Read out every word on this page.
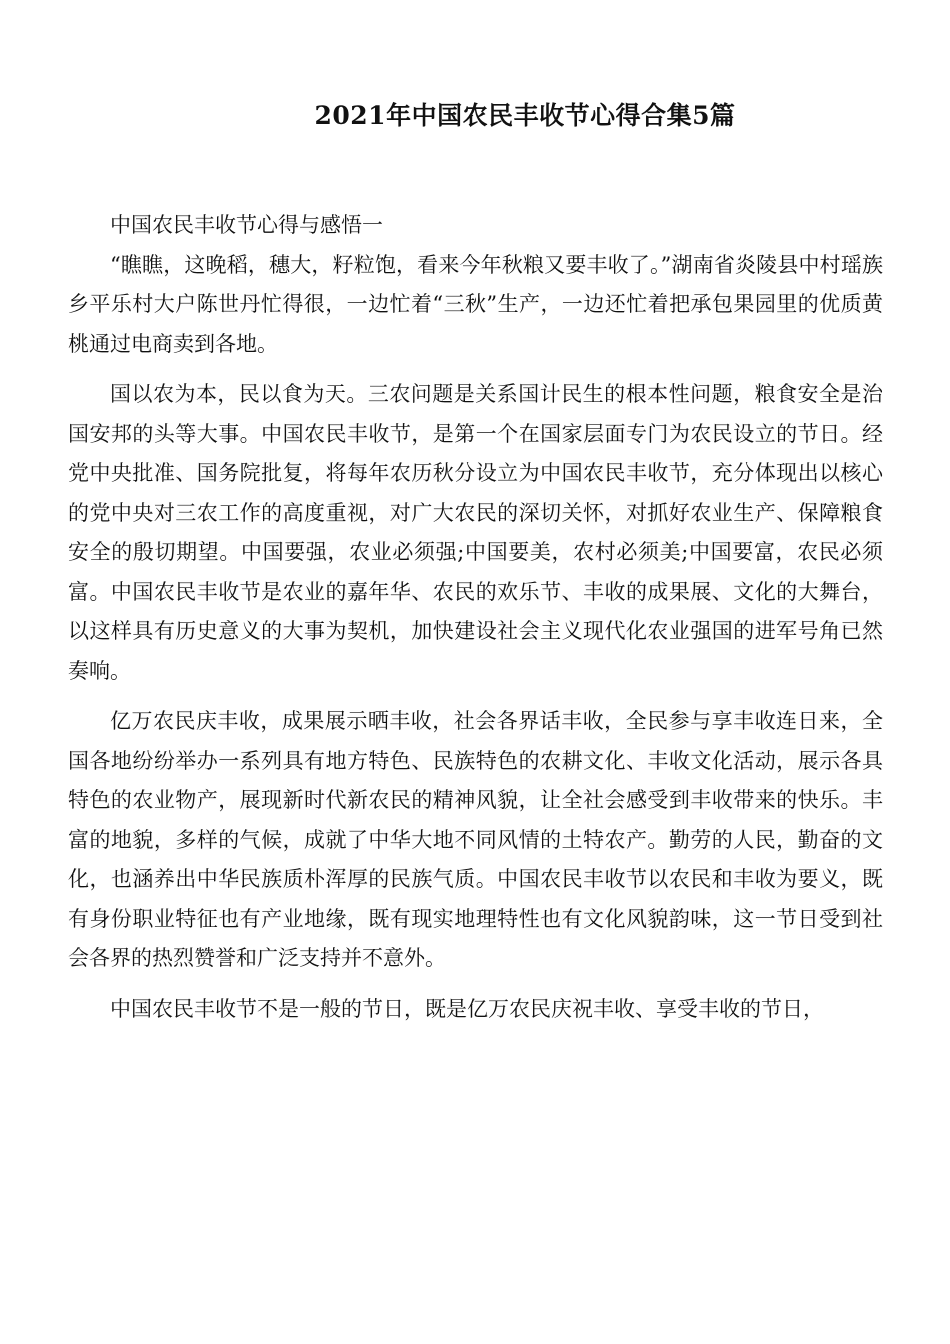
2021年中国农民丰收节心得合集5篇

中国农民丰收节心得与感悟一

“瞧瞧，这晚稻，穗大，籽粒饱，看来今年秋粮又要丰收了。”湖南省炎陵县中村瑶族乡平乐村大户陈世丹忙得很，一边忙着“三秋”生产，一边还忙着把承包果园里的优质黄桃通过电商卖到各地。

国以农为本，民以食为天。三农问题是关系国计民生的根本性问题，粮食安全是治国安邦的头等大事。中国农民丰收节，是第一个在国家层面专门为农民设立的节日。经党中央批准、国务院批复，将每年农历秋分设立为中国农民丰收节，充分体现出以核心的党中央对三农工作的高度重视，对广大农民的深切关怀，对抓好农业生产、保障粮食安全的殷切期望。中国要强，农业必须强;中国要美，农村必须美;中国要富，农民必须富。中国农民丰收节是农业的嘉年华、农民的欢乐节、丰收的成果展、文化的大舞台，以这样具有历史意义的大事为契机，加快建设社会主义现代化农业强国的进军号角已然奏响。

亿万农民庆丰收，成果展示晒丰收，社会各界话丰收，全民参与享丰收连日来，全国各地纷纷举办一系列具有地方特色、民族特色的农耕文化、丰收文化活动，展示各具特色的农业物产，展现新时代新农民的精神风貌，让全社会感受到丰收带来的快乐。丰富的地貌，多样的气候，成就了中华大地不同风情的土特农产。勤劳的人民，勤奋的文化，也涵养出中华民族质朴浑厚的民族气质。中国农民丰收节以农民和丰收为要义，既有身份职业特征也有产业地缘，既有现实地理特性也有文化风貌韵味，这一节日受到社会各界的热烈赞誉和广泛支持并不意外。

中国农民丰收节不是一般的节日，既是亿万农民庆祝丰收、享受丰收的节日，
